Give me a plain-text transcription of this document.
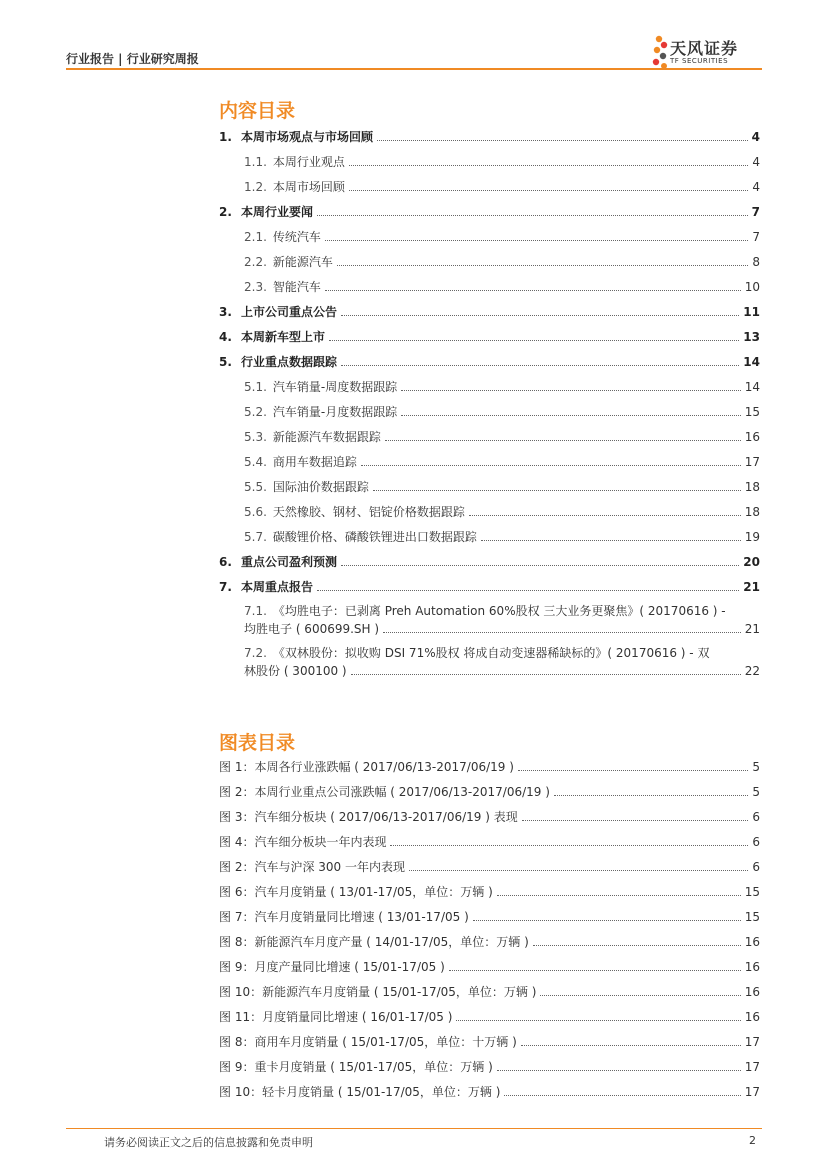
行业报告 | 行业研究周报
天风证券
TF SECURITIES
内容目录
1. 本周市场观点与市场回顾	4
1.1. 本周行业观点	4
1.2. 本周市场回顾	4
2. 本周行业要闻	7
2.1. 传统汽车	7
2.2. 新能源汽车	8
2.3. 智能汽车	10
3. 上市公司重点公告	11
4. 本周新车型上市	13
5. 行业重点数据跟踪	14
5.1. 汽车销量-周度数据跟踪	14
5.2. 汽车销量-月度数据跟踪	15
5.3. 新能源汽车数据跟踪	16
5.4. 商用车数据追踪	17
5.5. 国际油价数据跟踪	18
5.6. 天然橡胶、钢材、铝锭价格数据跟踪	18
5.7. 碳酸锂价格、磷酸铁锂进出口数据跟踪	19
6. 重点公司盈利预测	20
7. 本周重点报告	21
7.1. 《均胜电子：已剥离 Preh Automation 60%股权 三大业务更聚焦》( 20170616 ) -
均胜电子 ( 600699.SH )	21
7.2. 《双林股份：拟收购 DSI 71%股权 将成自动变速器稀缺标的》( 20170616 ) - 双
林股份 ( 300100 )	22
图表目录
图 1：本周各行业涨跌幅 ( 2017/06/13-2017/06/19 )	5
图 2：本周行业重点公司涨跌幅 ( 2017/06/13-2017/06/19 )	5
图 3：汽车细分板块 ( 2017/06/13-2017/06/19 ) 表现	6
图 4：汽车细分板块一年内表现	6
图 2：汽车与沪深 300 一年内表现	6
图 6：汽车月度销量 ( 13/01-17/05，单位：万辆 )	15
图 7：汽车月度销量同比增速 ( 13/01-17/05 )	15
图 8：新能源汽车月度产量 ( 14/01-17/05，单位：万辆 )	16
图 9：月度产量同比增速 ( 15/01-17/05 )	16
图 10：新能源汽车月度销量 ( 15/01-17/05，单位：万辆 )	16
图 11：月度销量同比增速 ( 16/01-17/05 )	16
图 8：商用车月度销量 ( 15/01-17/05，单位：十万辆 )	17
图 9：重卡月度销量 ( 15/01-17/05，单位：万辆 )	17
图 10：轻卡月度销量 ( 15/01-17/05，单位：万辆 )	17
请务必阅读正文之后的信息披露和免责申明	2
